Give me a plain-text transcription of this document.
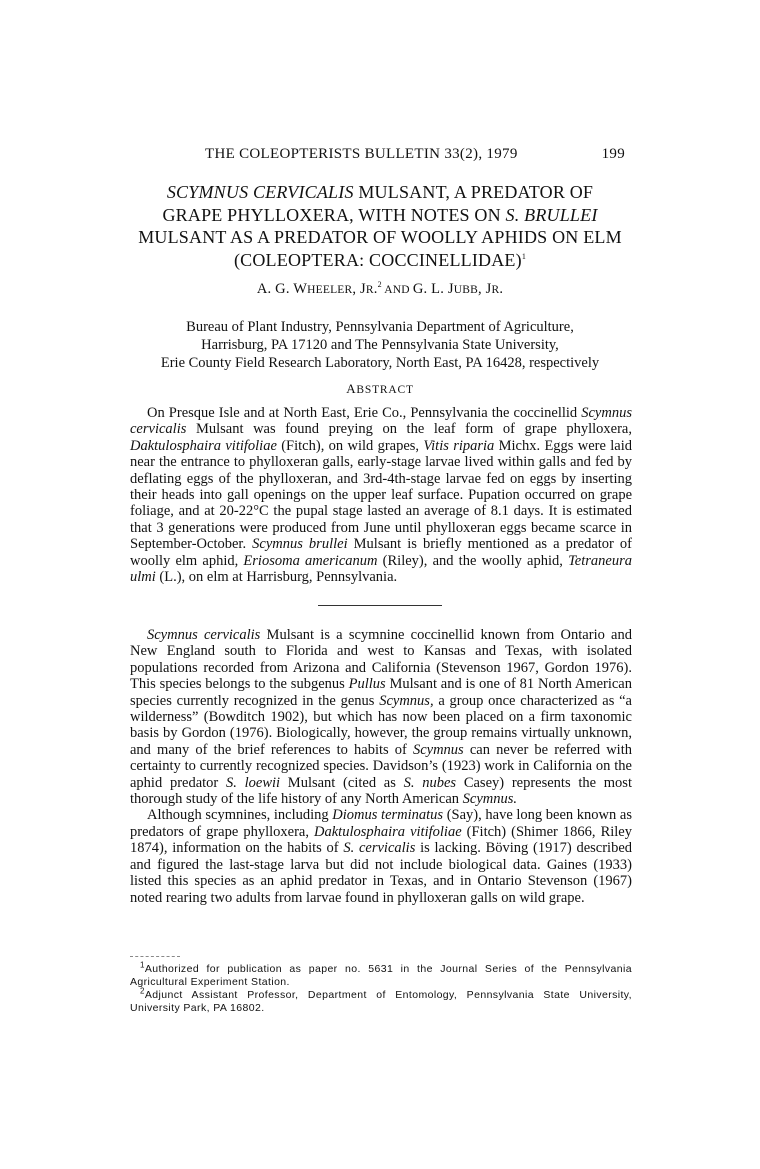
THE COLEOPTERISTS BULLETIN 33(2), 1979	199

SCYMNUS CERVICALIS MULSANT, A PREDATOR OF

GRAPE PHYLLOXERA, WITH NOTES ON S. BRULLEI

MULSANT AS A PREDATOR OF WOOLLY APHIDS ON ELM

(COLEOPTERA: COCCINELLIDAE)$^1$

A. G. WHEELER, JR.$^2$ AND G. L. JUBB, JR.

Bureau of Plant Industry, Pennsylvania Department of Agriculture,

Harrisburg, PA 17120 and The Pennsylvania State University,

Erie County Field Research Laboratory, North East, PA 16428, respectively

ABSTRACT

On Presque Isle and at North East, Erie Co., Pennsylvania the coccinellid Scymnus cervicalis Mulsant was found preying on the leaf form of grape phylloxera, Daktulosphaira vitifoliae (Fitch), on wild grapes, Vitis riparia Michx. Eggs were laid near the entrance to phylloxeran galls, early-stage larvae lived within galls and fed by deflating eggs of the phylloxeran, and 3rd-4th-stage larvae fed on eggs by inserting their heads into gall openings on the upper leaf surface. Pupation occurred on grape foliage, and at 20-22°C the pupal stage lasted an average of 8.1 days. It is estimated that 3 generations were produced from June until phylloxeran eggs became scarce in September-October. Scymnus brullei Mulsant is briefly mentioned as a predator of woolly elm aphid, Eriosoma americanum (Riley), and the woolly aphid, Tetraneura ulmi (L.), on elm at Harrisburg, Pennsylvania.

Scymnus cervicalis Mulsant is a scymnine coccinellid known from Ontario and New England south to Florida and west to Kansas and Texas, with isolated populations recorded from Arizona and California (Stevenson 1967, Gordon 1976). This species belongs to the subgenus Pullus Mulsant and is one of 81 North American species currently recognized in the genus Scymnus, a group once characterized as “a wilderness” (Bowditch 1902), but which has now been placed on a firm taxonomic basis by Gordon (1976). Biologically, however, the group remains virtually unknown, and many of the brief references to habits of Scymnus can never be referred with certainty to currently recognized species. Davidson’s (1923) work in California on the aphid predator S. loewii Mulsant (cited as S. nubes Casey) represents the most thorough study of the life history of any North American Scymnus.

Although scymnines, including Diomus terminatus (Say), have long been known as predators of grape phylloxera, Daktulosphaira vitifoliae (Fitch) (Shimer 1866, Riley 1874), information on the habits of S. cervicalis is lacking. Böving (1917) described and figured the last-stage larva but did not include biological data. Gaines (1933) listed this species as an aphid predator in Texas, and in Ontario Stevenson (1967) noted rearing two adults from larvae found in phylloxeran galls on wild grape.

$^1$Authorized for publication as paper no. 5631 in the Journal Series of the Pennsylvania Agricultural Experiment Station.

$^2$Adjunct Assistant Professor, Department of Entomology, Pennsylvania State University, University Park, PA 16802.
